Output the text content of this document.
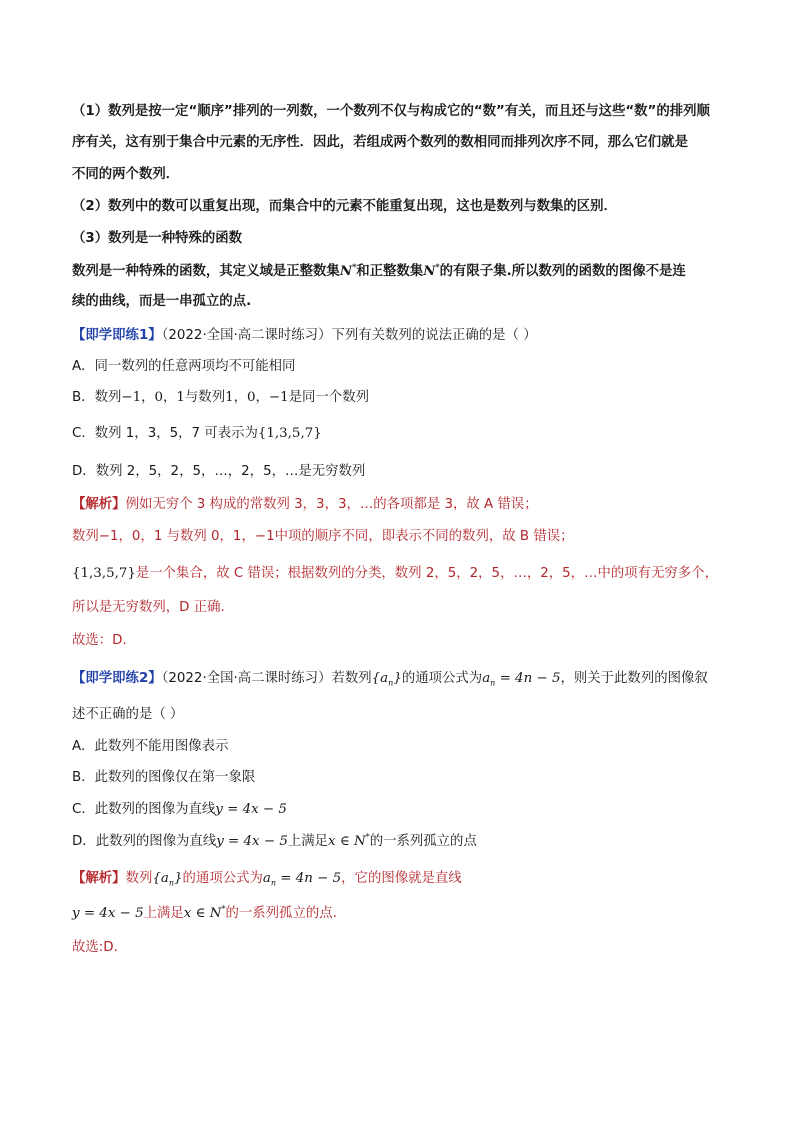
（1）数列是按一定“顺序”排列的一列数，一个数列不仅与构成它的“数”有关，而且还与这些“数”的排列顺
序有关，这有别于集合中元素的无序性．因此，若组成两个数列的数相同而排列次序不同，那么它们就是
不同的两个数列．
（2）数列中的数可以重复出现，而集合中的元素不能重复出现，这也是数列与数集的区别．
（3）数列是一种特殊的函数
数列是一种特殊的函数，其定义域是正整数集N*和正整数集N*的有限子集.所以数列的函数的图像不是连
续的曲线，而是一串孤立的点.
【即学即练1】（2022·全国·高二课时练习）下列有关数列的说法正确的是（ ）
A．同一数列的任意两项均不可能相同
B．数列−1，0，1与数列1，0，−1是同一个数列
C．数列 1，3，5，7 可表示为{1,3,5,7}
D．数列 2，5，2，5，…，2，5，…是无穷数列
【解析】例如无穷个 3 构成的常数列 3，3，3，…的各项都是 3，故 A 错误；
数列−1，0，1 与数列 0，1，−1中项的顺序不同，即表示不同的数列，故 B 错误；
{1,3,5,7}是一个集合，故 C 错误；根据数列的分类，数列 2，5，2，5，…，2，5，…中的项有无穷多个，
所以是无穷数列，D 正确.
故选：D.
【即学即练2】（2022·全国·高二课时练习）若数列$\{a_n\}$的通项公式为$a_n = 4n - 5$，则关于此数列的图像叙
述不正确的是（ ）
A．此数列不能用图像表示
B．此数列的图像仅在第一象限
C．此数列的图像为直线y = 4x − 5
D．此数列的图像为直线y = 4x − 5上满足x ∈ N*的一系列孤立的点
【解析】数列$\{a_n\}$的通项公式为$a_n = 4n - 5$，它的图像就是直线
y = 4x − 5上满足x ∈ N*的一系列孤立的点.
故选:D.
